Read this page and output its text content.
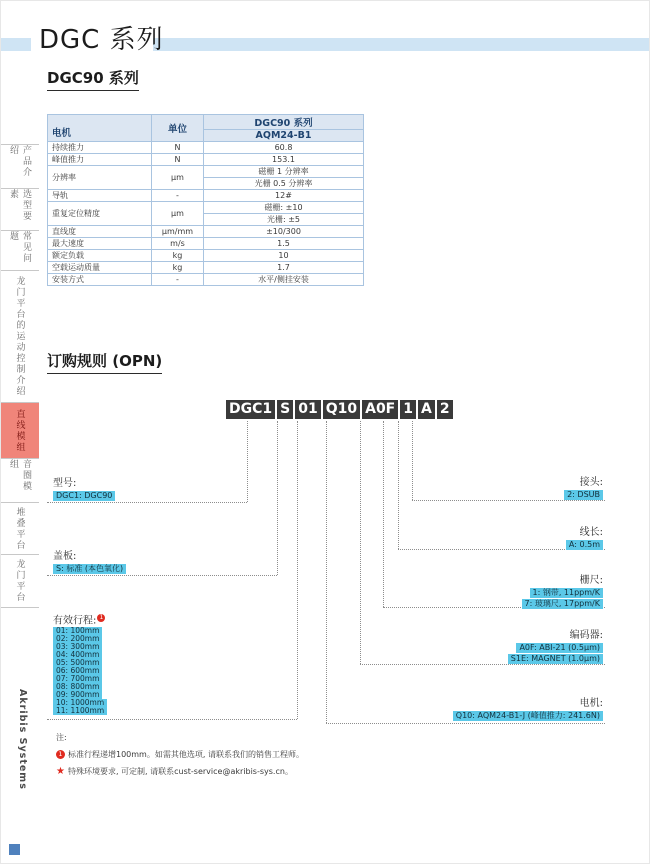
DGC 系列
产品介绍
选型要素
常见问题
龙门平台的运动控制介绍
直线模组
音圈模组
堆叠平台
龙门平台
Akribis Systems
DGC90 系列
电机	单位	DGC90 系列
		AQM24-B1
持续推力	N	60.8
峰值推力	N	153.1
分辨率	μm	磁栅 1 分辨率
		光栅 0.5 分辨率
导轨	-	12#
重复定位精度	μm	磁栅: ±10
		光栅: ±5
直线度	μm/mm	±10/300
最大速度	m/s	1.5
额定负载	kg	10
空载运动质量	kg	1.7
安装方式	-	水平/侧挂安装
订购规则 (OPN)
DGC1 S 01 Q10 A0F 1 A 2
型号:
DGC1: DGC90
盖板:
S: 标准 (本色氧化)
有效行程: 1
01: 100mm
02: 200mm
03: 300mm
04: 400mm
05: 500mm
06: 600mm
07: 700mm
08: 800mm
09: 900mm
10: 1000mm
11: 1100mm
接头:
2: DSUB
线长:
A: 0.5m
栅尺:
1: 钢带, 11ppm/K
7: 玻璃尺, 17ppm/K
编码器:
A0F: ABI-21 (0.5μm)
S1E: MAGNET (1.0μm)
电机:
Q10: AQM24-B1-J (峰值推力: 241.6N)
注:
1 标准行程递增100mm。如需其他选项, 请联系我们的销售工程师。
★ 特殊环境要求, 可定制, 请联系cust-service@akribis-sys.cn。
